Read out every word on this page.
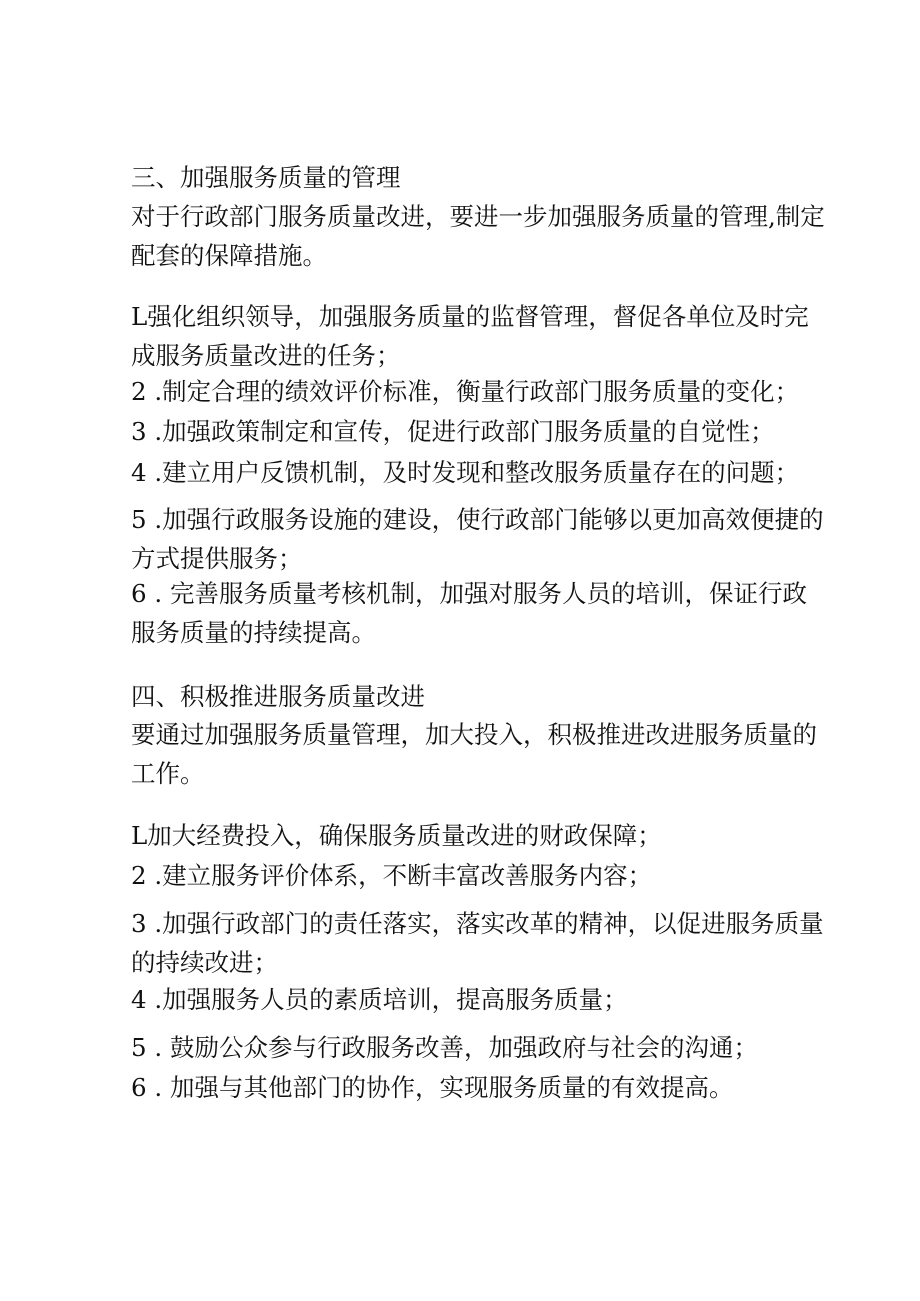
三、加强服务质量的管理
对于行政部门服务质量改进，要进一步加强服务质量的管理,制定
配套的保障措施。
L强化组织领导，加强服务质量的监督管理，督促各单位及时完
成服务质量改进的任务；
2 .制定合理的绩效评价标准，衡量行政部门服务质量的变化；
3 .加强政策制定和宣传，促进行政部门服务质量的自觉性；
4 .建立用户反馈机制，及时发现和整改服务质量存在的问题；
5 .加强行政服务设施的建设，使行政部门能够以更加高效便捷的
方式提供服务；
6 . 完善服务质量考核机制，加强对服务人员的培训，保证行政
服务质量的持续提高。
四、积极推进服务质量改进
要通过加强服务质量管理，加大投入，积极推进改进服务质量的
工作。
L加大经费投入，确保服务质量改进的财政保障；
2 .建立服务评价体系，不断丰富改善服务内容；
3 .加强行政部门的责任落实，落实改革的精神，以促进服务质量
的持续改进；
4 .加强服务人员的素质培训，提高服务质量；
5 . 鼓励公众参与行政服务改善，加强政府与社会的沟通；
6 . 加强与其他部门的协作，实现服务质量的有效提高。
